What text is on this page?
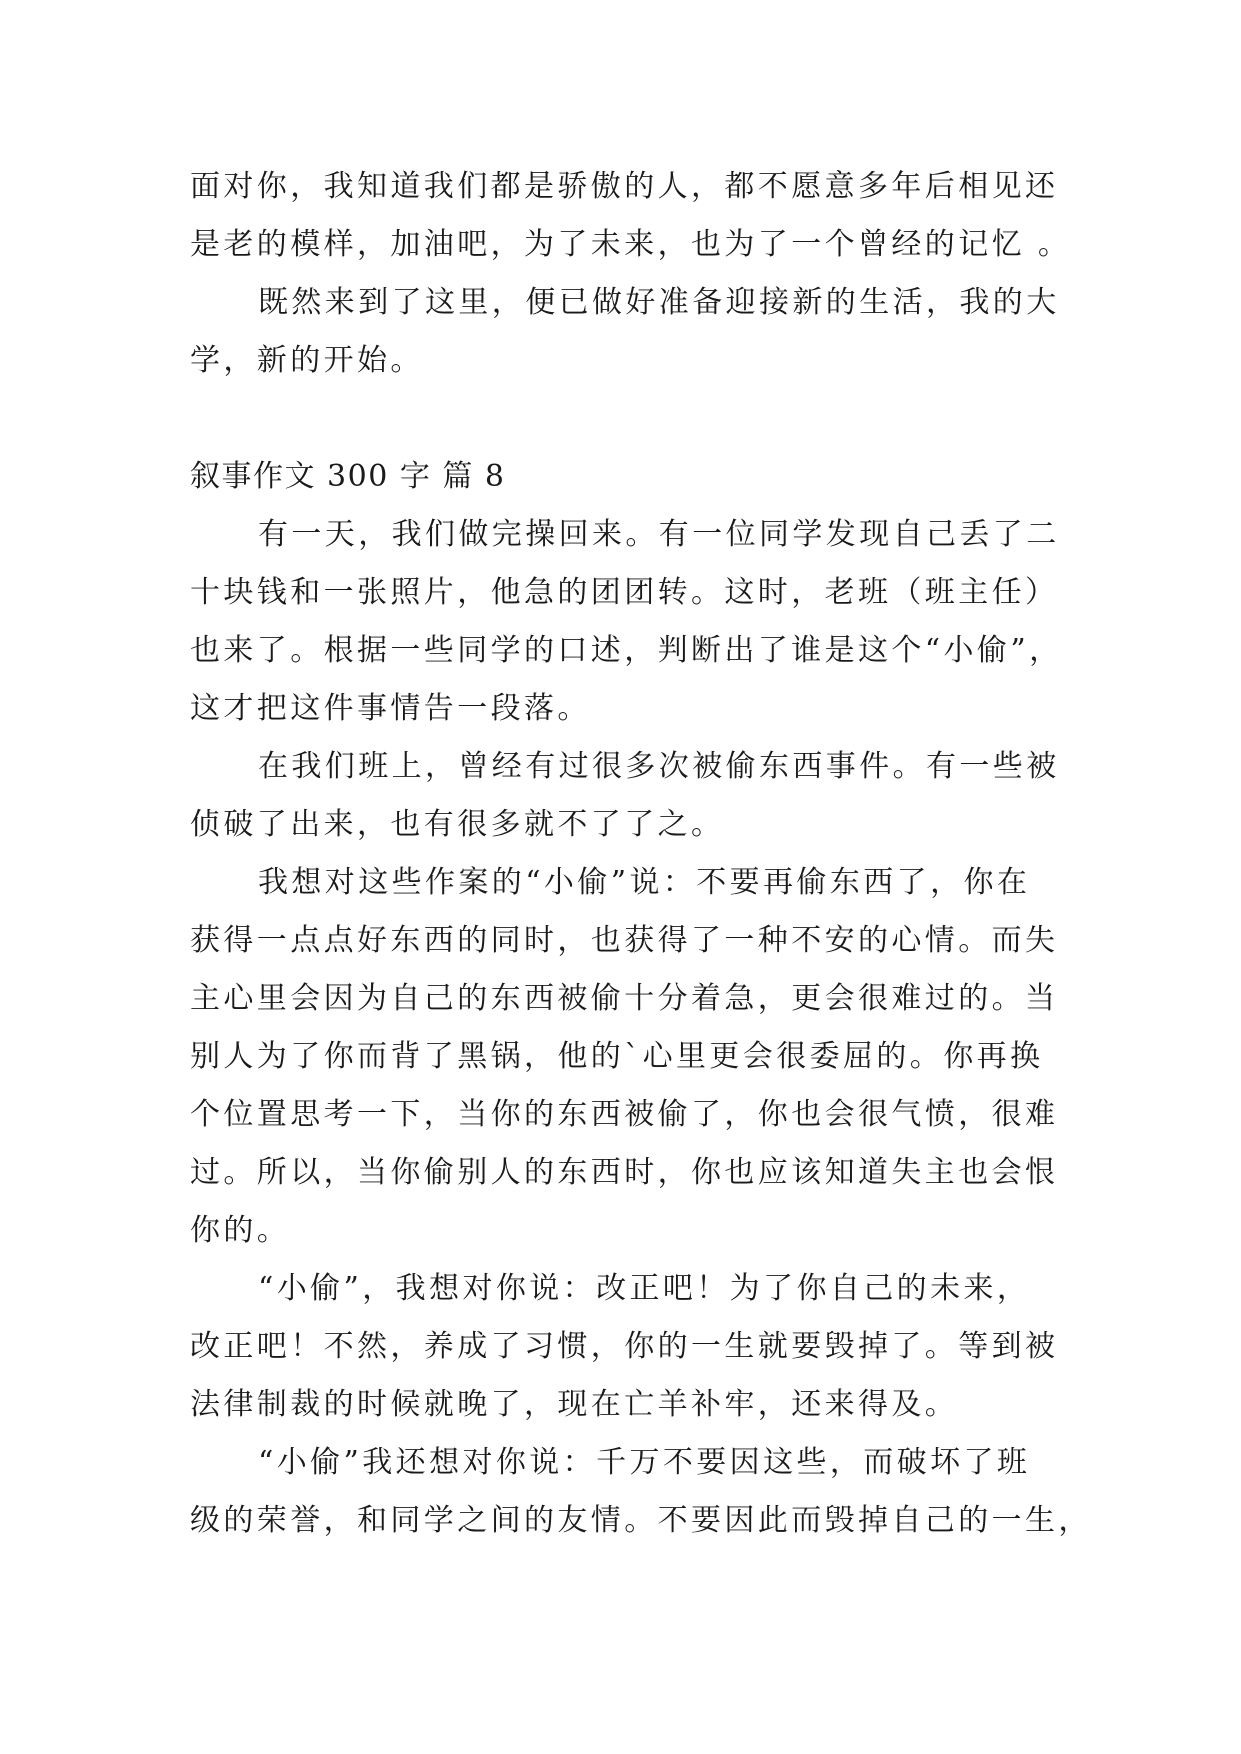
面对你，我知道我们都是骄傲的人，都不愿意多年后相见还
是老的模样，加油吧，为了未来，也为了一个曾经的记忆 。
既然来到了这里，便已做好准备迎接新的生活，我的大
学，新的开始。
叙事作文 300 字 篇 8
有一天，我们做完操回来。有一位同学发现自己丢了二
十块钱和一张照片，他急的团团转。这时，老班（班主任）
也来了。根据一些同学的口述，判断出了谁是这个“小偷”，
这才把这件事情告一段落。
在我们班上，曾经有过很多次被偷东西事件。有一些被
侦破了出来，也有很多就不了了之。
我想对这些作案的“小偷”说：不要再偷东西了，你在
获得一点点好东西的同时，也获得了一种不安的心情。而失
主心里会因为自己的东西被偷十分着急，更会很难过的。当
别人为了你而背了黑锅，他的`心里更会很委屈的。你再换
个位置思考一下，当你的东西被偷了，你也会很气愤，很难
过。所以，当你偷别人的东西时，你也应该知道失主也会恨
你的。
“小偷”，我想对你说：改正吧！为了你自己的未来，
改正吧！不然，养成了习惯，你的一生就要毁掉了。等到被
法律制裁的时候就晚了，现在亡羊补牢，还来得及。
“小偷”我还想对你说：千万不要因这些，而破坏了班
级的荣誉，和同学之间的友情。不要因此而毁掉自己的一生，
